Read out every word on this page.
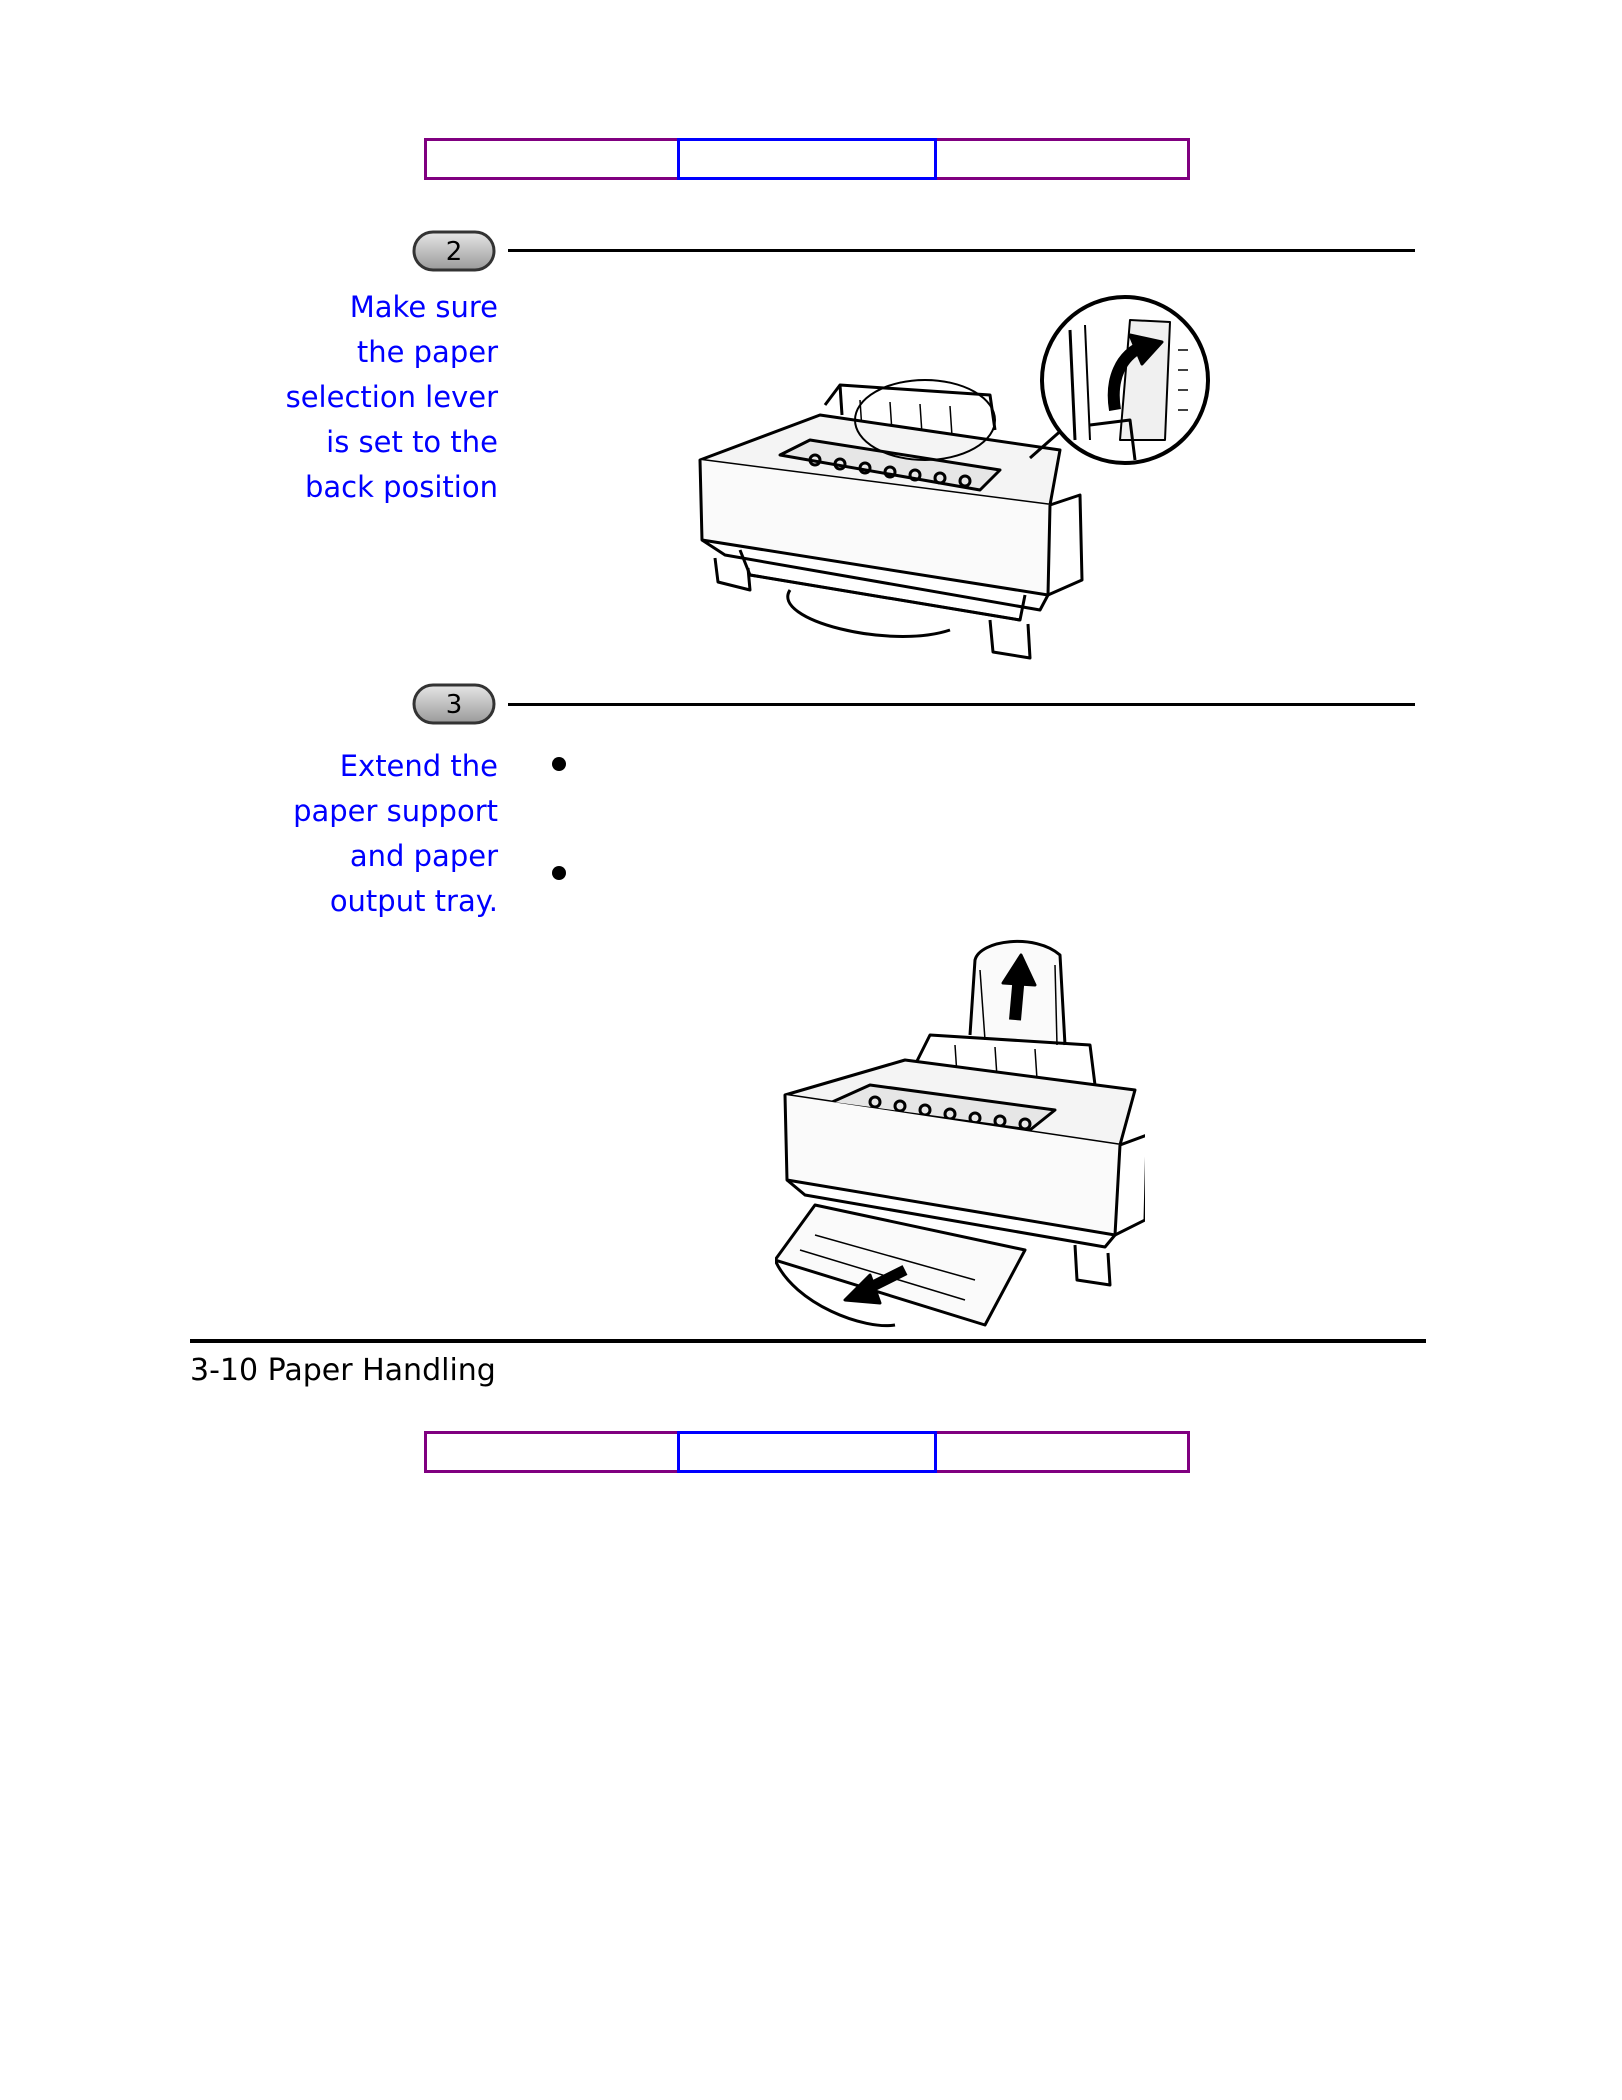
2
Make sure
the paper
selection lever
is set to the
back position
3
Extend the
paper support
and paper
output tray.
3-10 Paper Handling
